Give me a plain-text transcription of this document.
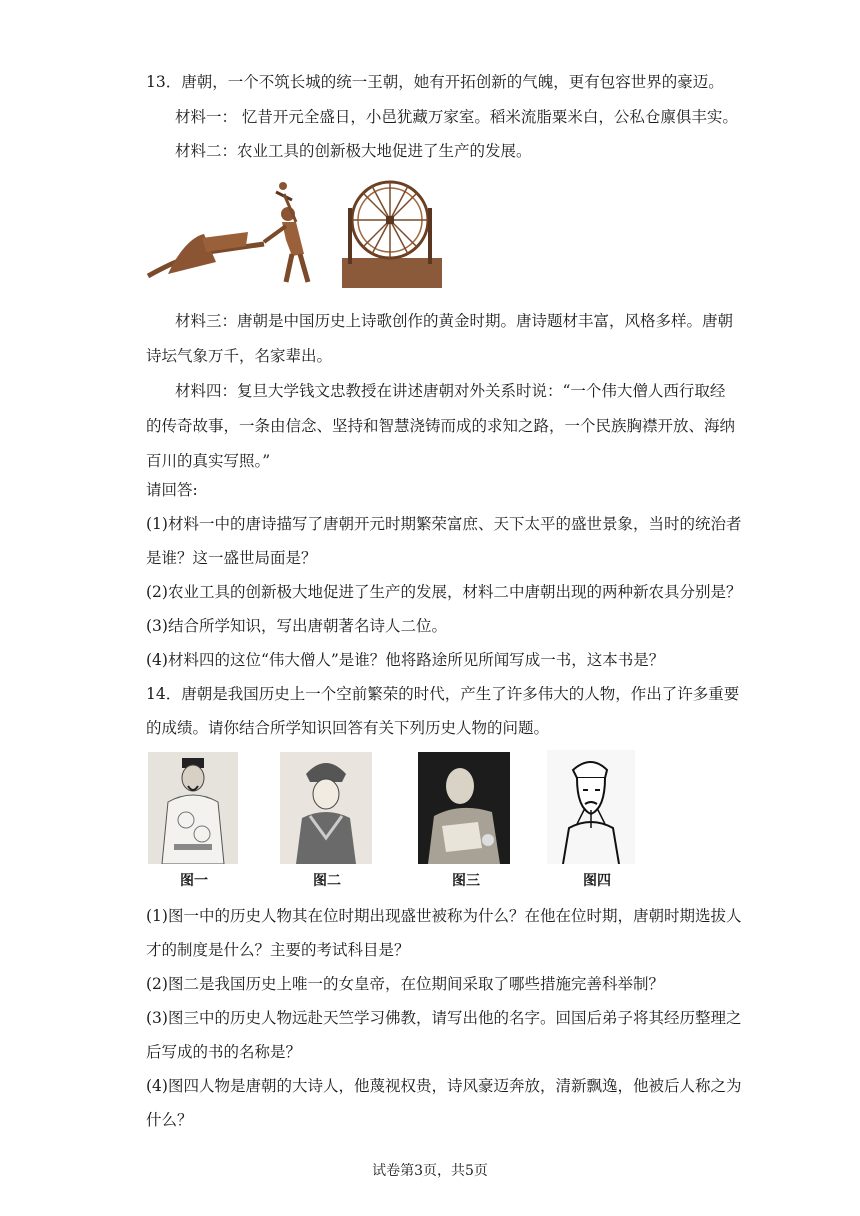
13．唐朝，一个不筑长城的统一王朝，她有开拓创新的气魄，更有包容世界的豪迈。
材料一： 忆昔开元全盛日，小邑犹藏万家室。稻米流脂粟米白，公私仓廪俱丰实。
材料二：农业工具的创新极大地促进了生产的发展。
材料三：唐朝是中国历史上诗歌创作的黄金时期。唐诗题材丰富，风格多样。唐朝
诗坛气象万千，名家辈出。
材料四：复旦大学钱文忠教授在讲述唐朝对外关系时说：“一个伟大僧人西行取经
的传奇故事，一条由信念、坚持和智慧浇铸而成的求知之路，一个民族胸襟开放、海纳
百川的真实写照。”
请回答:
(1)材料一中的唐诗描写了唐朝开元时期繁荣富庶、天下太平的盛世景象，当时的统治者
是谁？这一盛世局面是？
(2)农业工具的创新极大地促进了生产的发展，材料二中唐朝出现的两种新农具分别是？
(3)结合所学知识，写出唐朝著名诗人二位。
(4)材料四的这位“伟大僧人”是谁？他将路途所见所闻写成一书，这本书是？
14．唐朝是我国历史上一个空前繁荣的时代，产生了许多伟大的人物，作出了许多重要
的成绩。请你结合所学知识回答有关下列历史人物的问题。
图一	图二	图三	图四
(1)图一中的历史人物其在位时期出现盛世被称为什么？在他在位时期，唐朝时期选拔人
才的制度是什么？主要的考试科目是？
(2)图二是我国历史上唯一的女皇帝，在位期间采取了哪些措施完善科举制？
(3)图三中的历史人物远赴天竺学习佛教，请写出他的名字。回国后弟子将其经历整理之
后写成的书的名称是？
(4)图四人物是唐朝的大诗人，他蔑视权贵，诗风豪迈奔放，清新飘逸，他被后人称之为
什么？
试卷第3页，共5页
